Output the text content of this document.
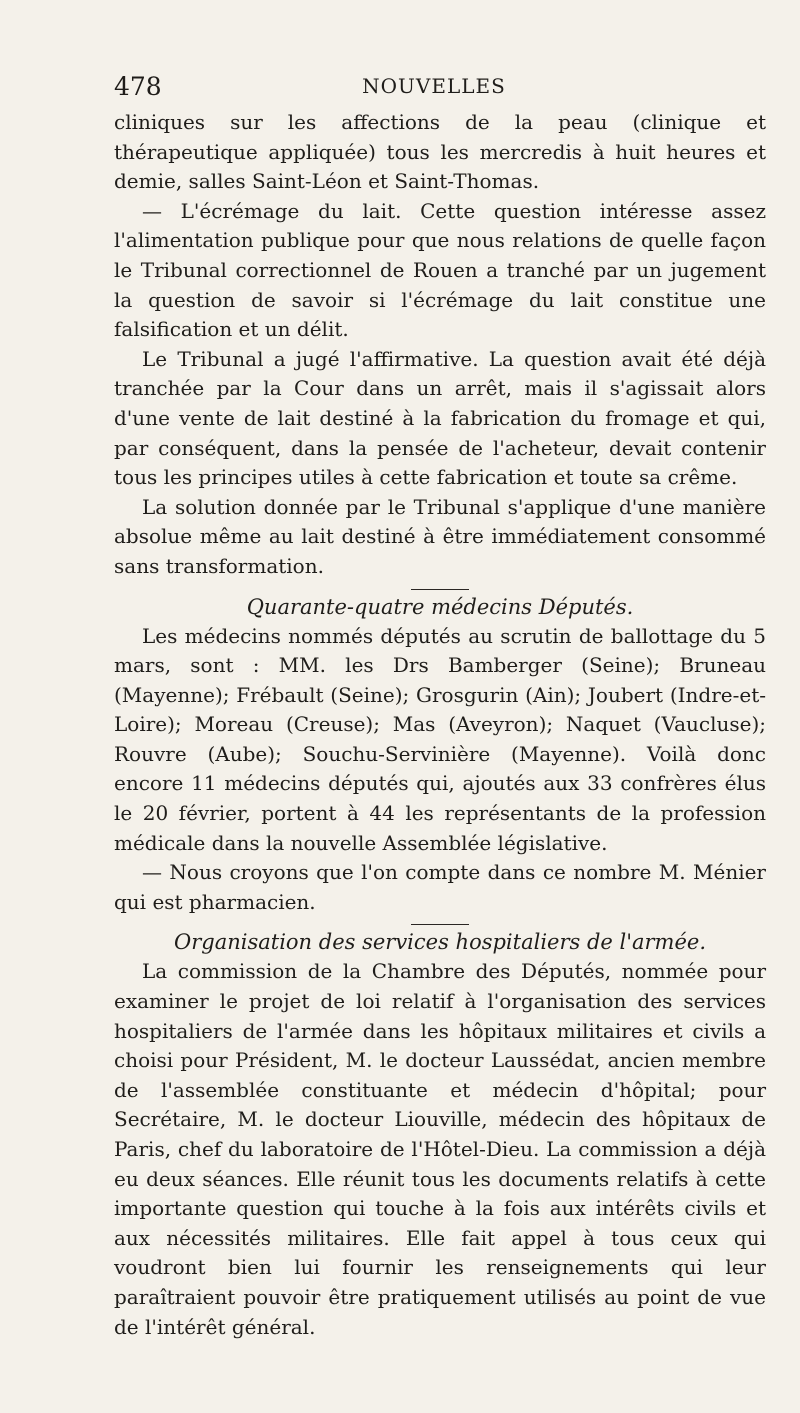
478	NOUVELLES

cliniques sur les affections de la peau (clinique et thérapeutique appliquée) tous les mercredis à huit heures et demie, salles Saint-Léon et Saint-Thomas.

— L'écrémage du lait. Cette question intéresse assez l'alimentation publique pour que nous relations de quelle façon le Tribunal correctionnel de Rouen a tranché par un jugement la question de savoir si l'écrémage du lait constitue une falsification et un délit.

Le Tribunal a jugé l'affirmative. La question avait été déjà tranchée par la Cour dans un arrêt, mais il s'agissait alors d'une vente de lait destiné à la fabrication du fromage et qui, par conséquent, dans la pensée de l'acheteur, devait contenir tous les principes utiles à cette fabrication et toute sa crême.

La solution donnée par le Tribunal s'applique d'une manière absolue même au lait destiné à être immédiatement consommé sans transformation.

Quarante-quatre médecins Députés.

Les médecins nommés députés au scrutin de ballottage du 5 mars, sont : MM. les Drs Bamberger (Seine); Bruneau (Mayenne); Frébault (Seine); Grosgurin (Ain); Joubert (Indre-et-Loire); Moreau (Creuse); Mas (Aveyron); Naquet (Vaucluse); Rouvre (Aube); Souchu-Servinière (Mayenne). Voilà donc encore 11 médecins députés qui, ajoutés aux 33 confrères élus le 20 février, portent à 44 les représentants de la profession médicale dans la nouvelle Assemblée législative.

— Nous croyons que l'on compte dans ce nombre M. Ménier qui est pharmacien.

Organisation des services hospitaliers de l'armée.

La commission de la Chambre des Députés, nommée pour examiner le projet de loi relatif à l'organisation des services hospitaliers de l'armée dans les hôpitaux militaires et civils a choisi pour Président, M. le docteur Laussédat, ancien membre de l'assemblée constituante et médecin d'hôpital; pour Secrétaire, M. le docteur Liouville, médecin des hôpitaux de Paris, chef du laboratoire de l'Hôtel-Dieu. La commission a déjà eu deux séances. Elle réunit tous les documents relatifs à cette importante question qui touche à la fois aux intérêts civils et aux nécessités militaires. Elle fait appel à tous ceux qui voudront bien lui fournir les renseignements qui leur paraîtraient pouvoir être pratiquement utilisés au point de vue de l'intérêt général.
